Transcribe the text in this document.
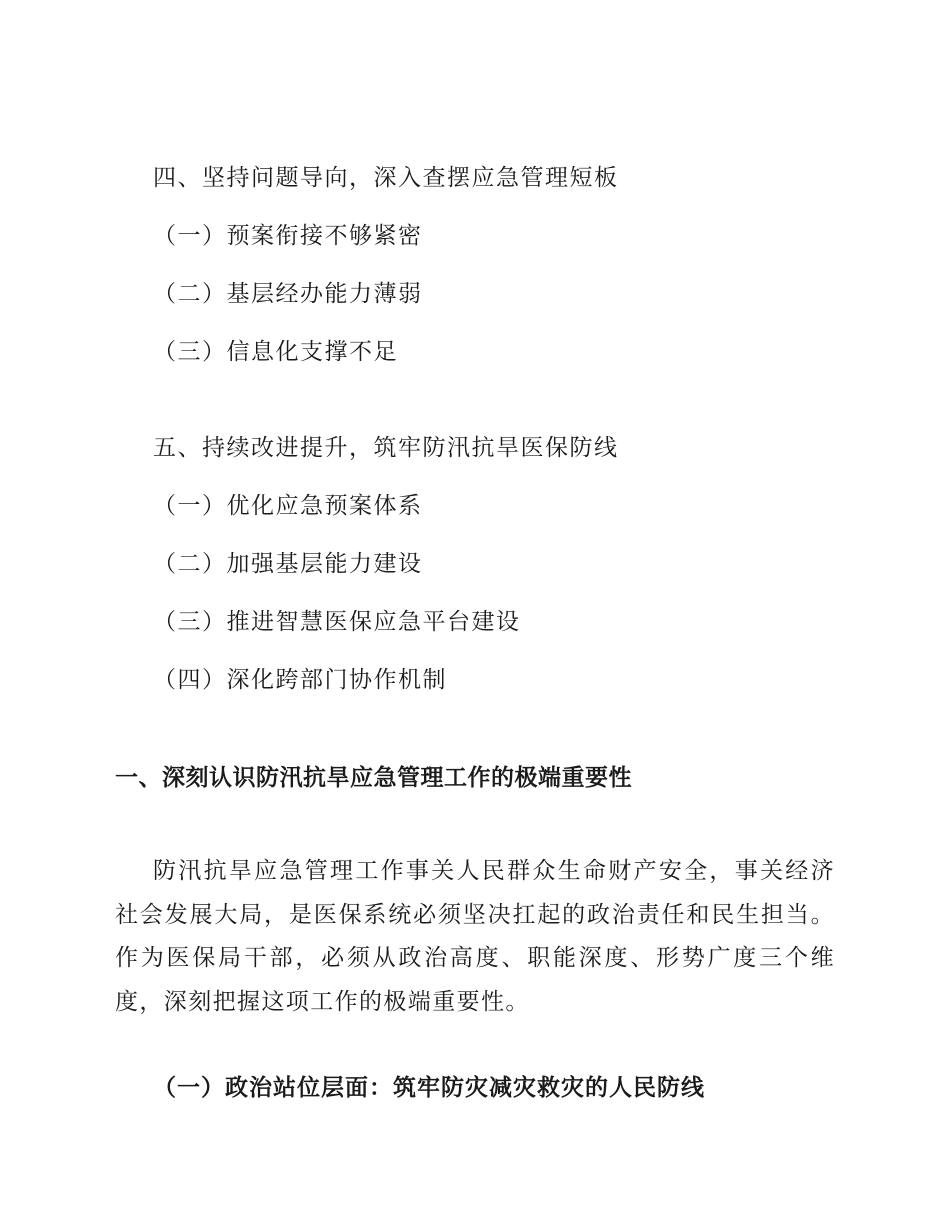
四、坚持问题导向，深入查摆应急管理短板
（一）预案衔接不够紧密
（二）基层经办能力薄弱
（三）信息化支撑不足
五、持续改进提升，筑牢防汛抗旱医保防线
（一）优化应急预案体系
（二）加强基层能力建设
（三）推进智慧医保应急平台建设
（四）深化跨部门协作机制
一、深刻认识防汛抗旱应急管理工作的极端重要性
防汛抗旱应急管理工作事关人民群众生命财产安全，事关经济社会发展大局，是医保系统必须坚决扛起的政治责任和民生担当。作为医保局干部，必须从政治高度、职能深度、形势广度三个维度，深刻把握这项工作的极端重要性。
（一）政治站位层面：筑牢防灾减灾救灾的人民防线
